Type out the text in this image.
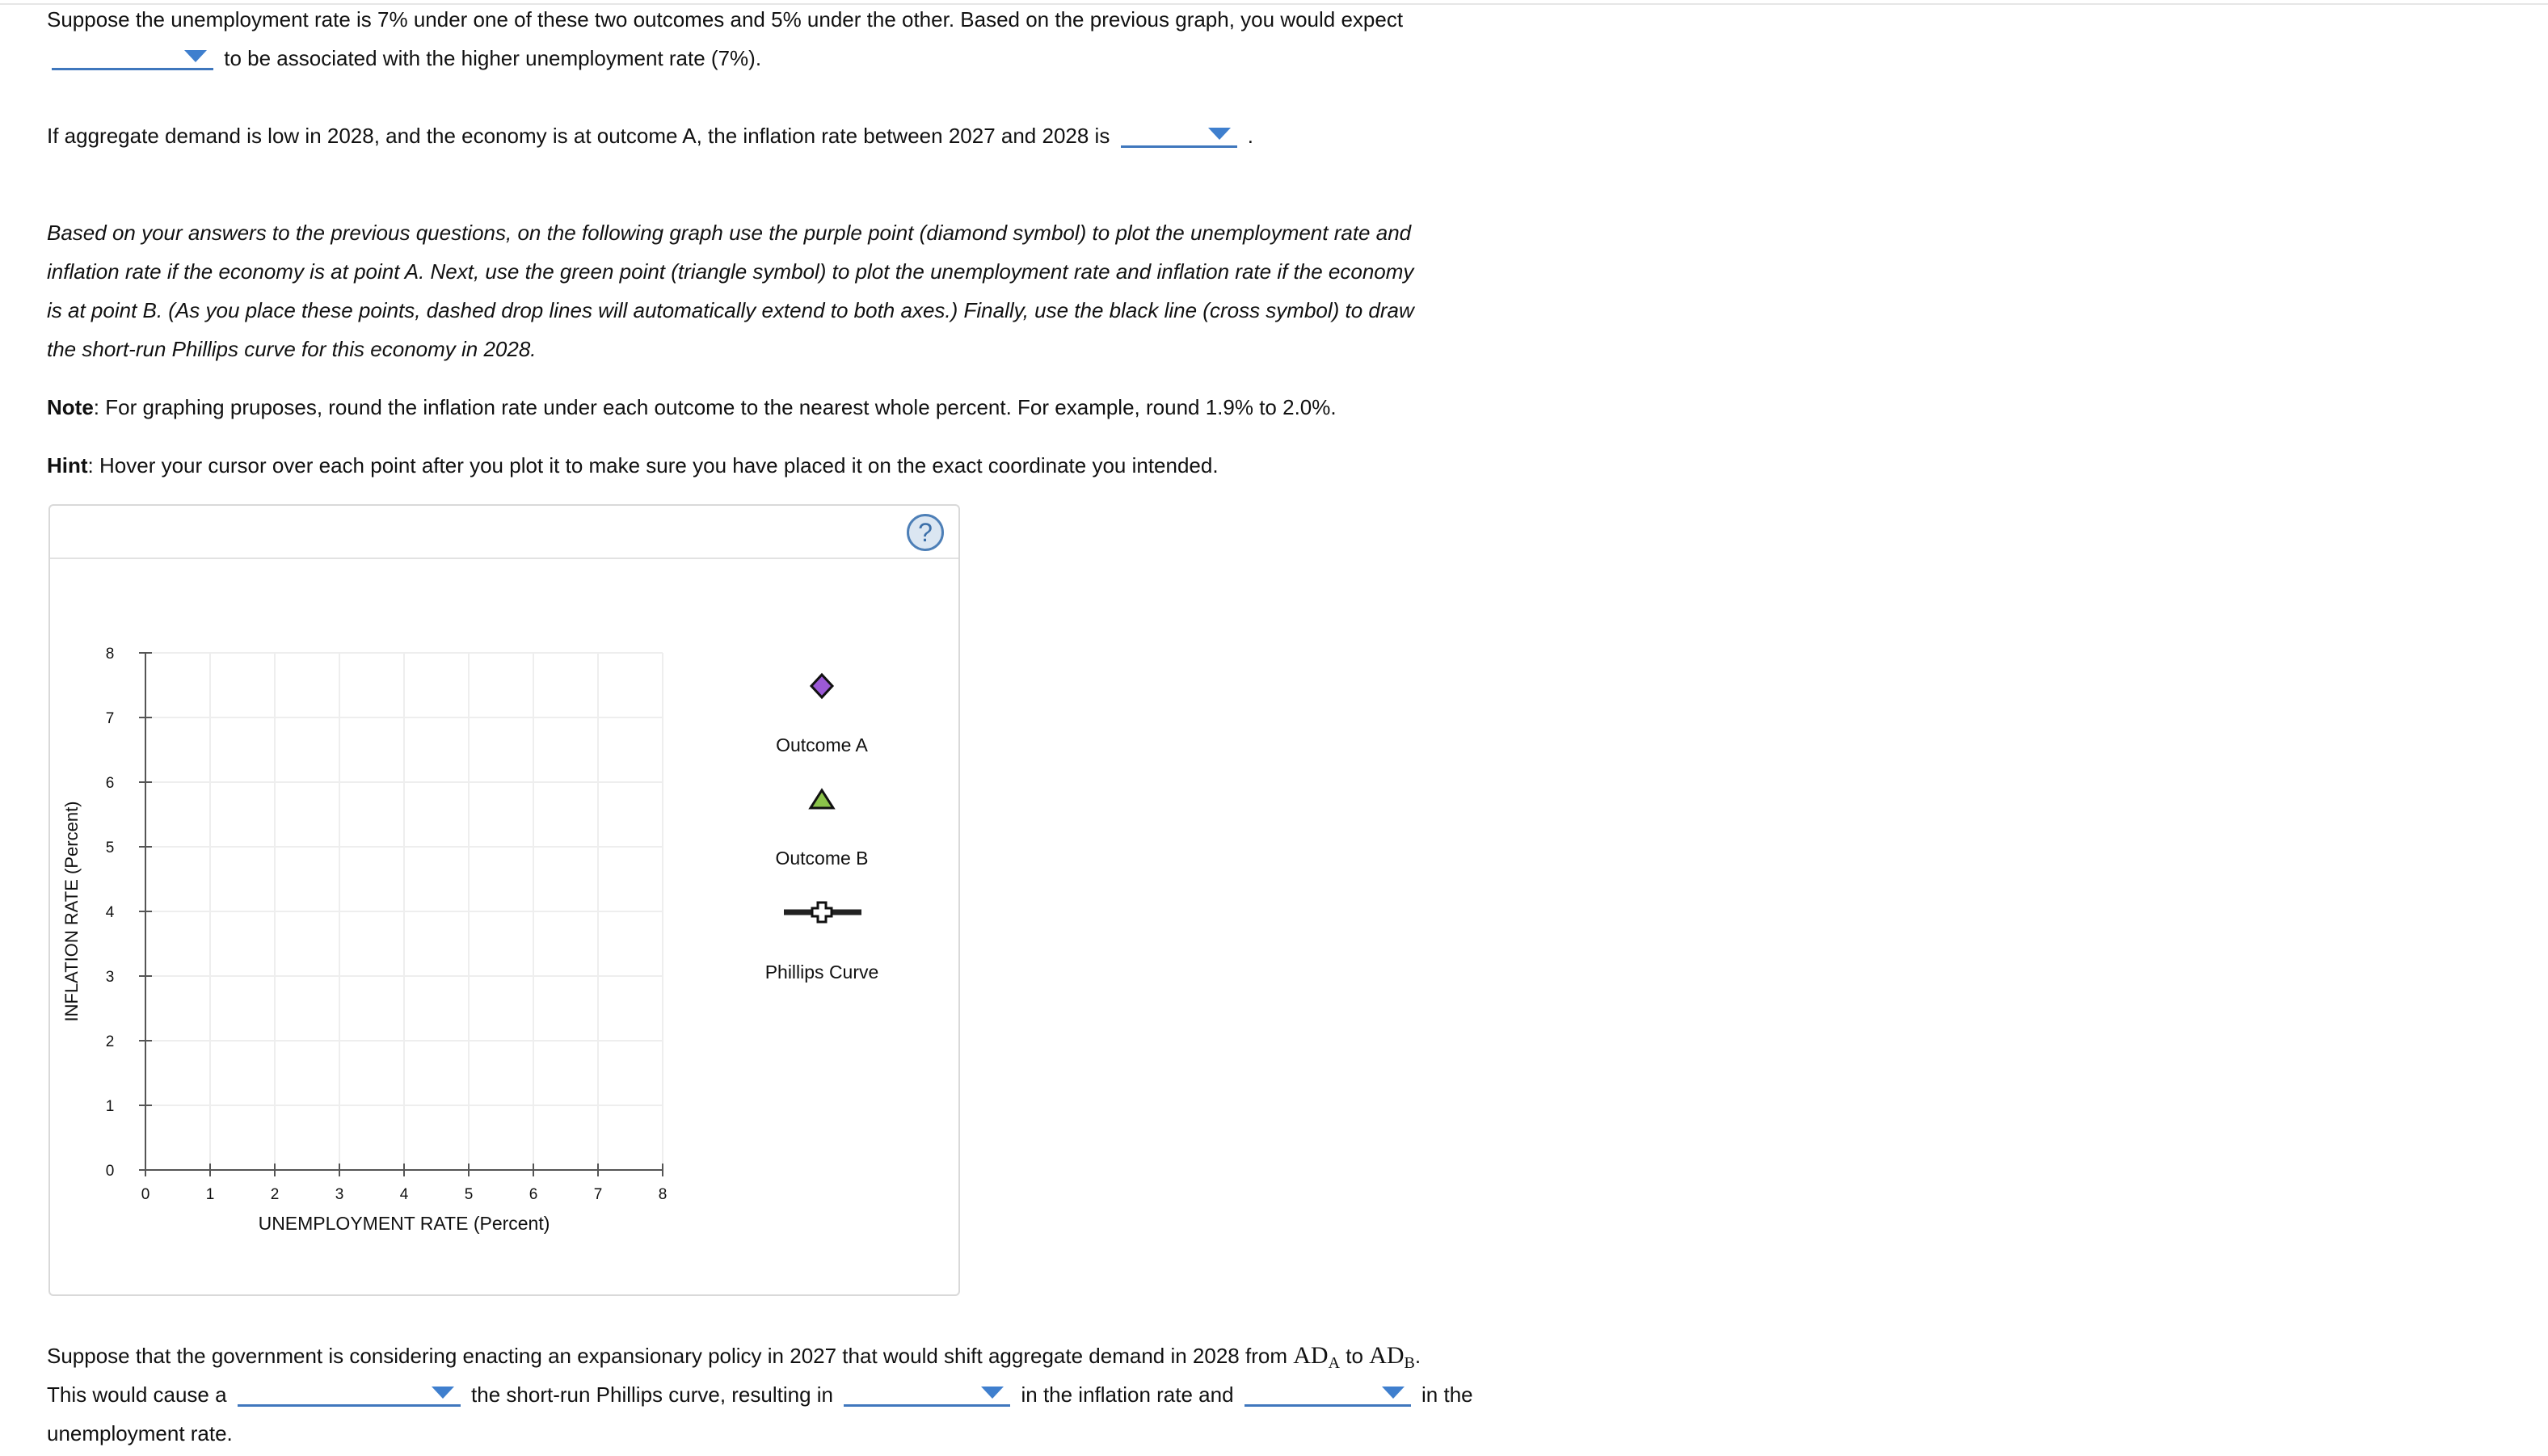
Suppose the unemployment rate is 7% under one of these two outcomes and 5% under the other. Based on the previous graph, you would expect
to be associated with the higher unemployment rate (7%).
If aggregate demand is low in 2028, and the economy is at outcome A, the inflation rate between 2027 and 2028 is	.
Based on your answers to the previous questions, on the following graph use the purple point (diamond symbol) to plot the unemployment rate and
inflation rate if the economy is at point A. Next, use the green point (triangle symbol) to plot the unemployment rate and inflation rate if the economy
is at point B. (As you place these points, dashed drop lines will automatically extend to both axes.) Finally, use the black line (cross symbol) to draw
the short-run Phillips curve for this economy in 2028.
Note: For graphing pruposes, round the inflation rate under each outcome to the nearest whole percent. For example, round 1.9% to 2.0%.
Hint: Hover your cursor over each point after you plot it to make sure you have placed it on the exact coordinate you intended.
?
0	1	2	3	4	5	6	7	8
0
1
2
3
4
5
6
7
8
INFLATION RATE (Percent)
UNEMPLOYMENT RATE (Percent)
Outcome A
Outcome B
Phillips Curve
Suppose that the government is considering enacting an expansionary policy in 2027 that would shift aggregate demand in 2028 from $AD_A$ to $AD_B$.
This would cause a	the short-run Phillips curve, resulting in	in the inflation rate and	in the
unemployment rate.
